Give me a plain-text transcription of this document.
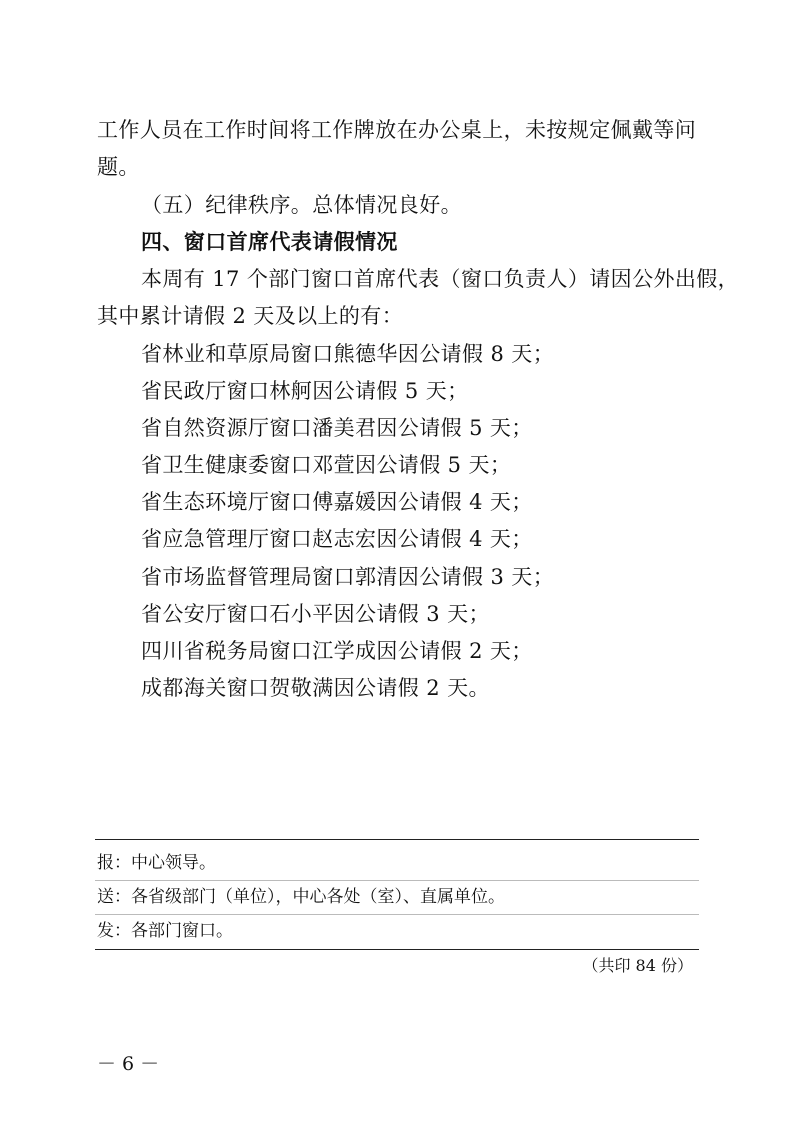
工作人员在工作时间将工作牌放在办公桌上，未按规定佩戴等问
题。
（五）纪律秩序。总体情况良好。
四、窗口首席代表请假情况
本周有 17 个部门窗口首席代表（窗口负责人）请因公外出假，
其中累计请假 2 天及以上的有：
省林业和草原局窗口熊德华因公请假 8 天；
省民政厅窗口林舸因公请假 5 天；
省自然资源厅窗口潘美君因公请假 5 天；
省卫生健康委窗口邓萱因公请假 5 天；
省生态环境厅窗口傅嘉媛因公请假 4 天；
省应急管理厅窗口赵志宏因公请假 4 天；
省市场监督管理局窗口郭清因公请假 3 天；
省公安厅窗口石小平因公请假 3 天；
四川省税务局窗口江学成因公请假 2 天；
成都海关窗口贺敬满因公请假 2 天。
报：中心领导。
送：各省级部门（单位），中心各处（室）、直属单位。
发：各部门窗口。
（共印 84 份）
－ 6 －
